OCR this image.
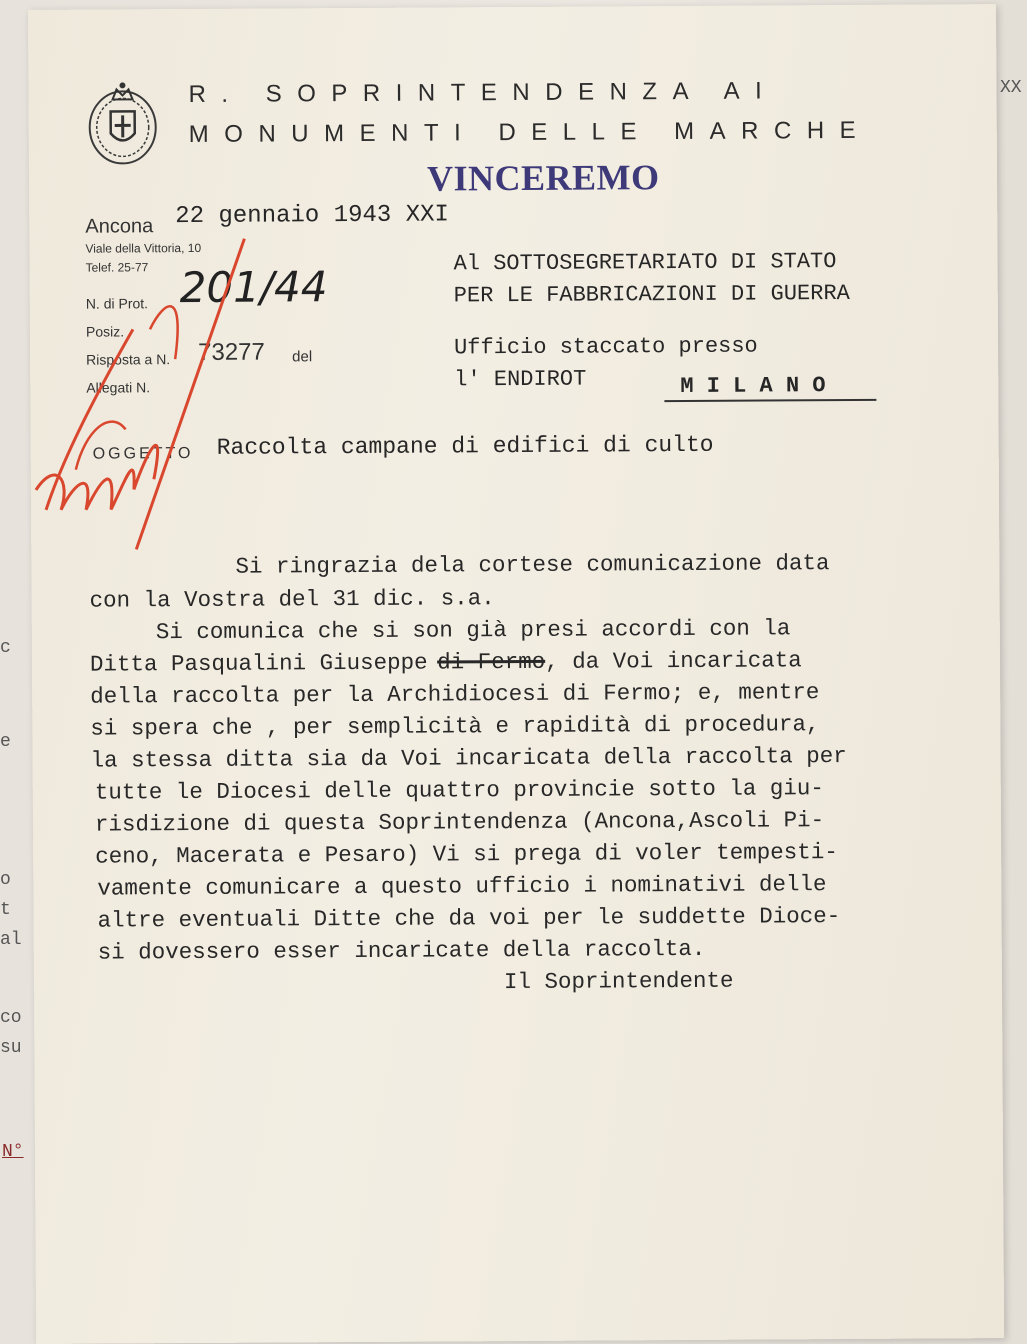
XX
c
e
o
t
al
co
su
N°
R. SOPRINTENDENZA AI
MONUMENTI DELLE MARCHE
VINCEREMO
Ancona 22 gennaio 1943 XXI
Viale della Vittoria, 10
Telef. 25-77
N. di Prot. 201/44
Posiz.
Risposta a N. 73277 del
Allegati N.
Al SOTTOSEGRETARIATO DI STATO
PER LE FABBRICAZIONI DI GUERRA
Ufficio staccato presso
l' ENDIROT	M I L A N O
OGGETTO Raccolta campane di edifici di culto
Si ringrazia dela cortese comunicazione data
con la Vostra del 31 dic. s.a.
Si comunica che si son già presi accordi con la
Ditta Pasqualini Giuseppe di Fermo, da Voi incaricata
della raccolta per la Archidiocesi di Fermo; e, mentre
si spera che , per semplicità e rapidità di procedura,
la stessa ditta sia da Voi incaricata della raccolta per
tutte le Diocesi delle quattro provincie sotto la giu-
risdizione di questa Soprintendenza (Ancona,Ascoli Pi-
ceno, Macerata e Pesaro) Vi si prega di voler tempesti-
vamente comunicare a questo ufficio i nominativi delle
altre eventuali Ditte che da voi per le suddette Dioce-
si dovessero esser incaricate della raccolta.
Il Soprintendente
